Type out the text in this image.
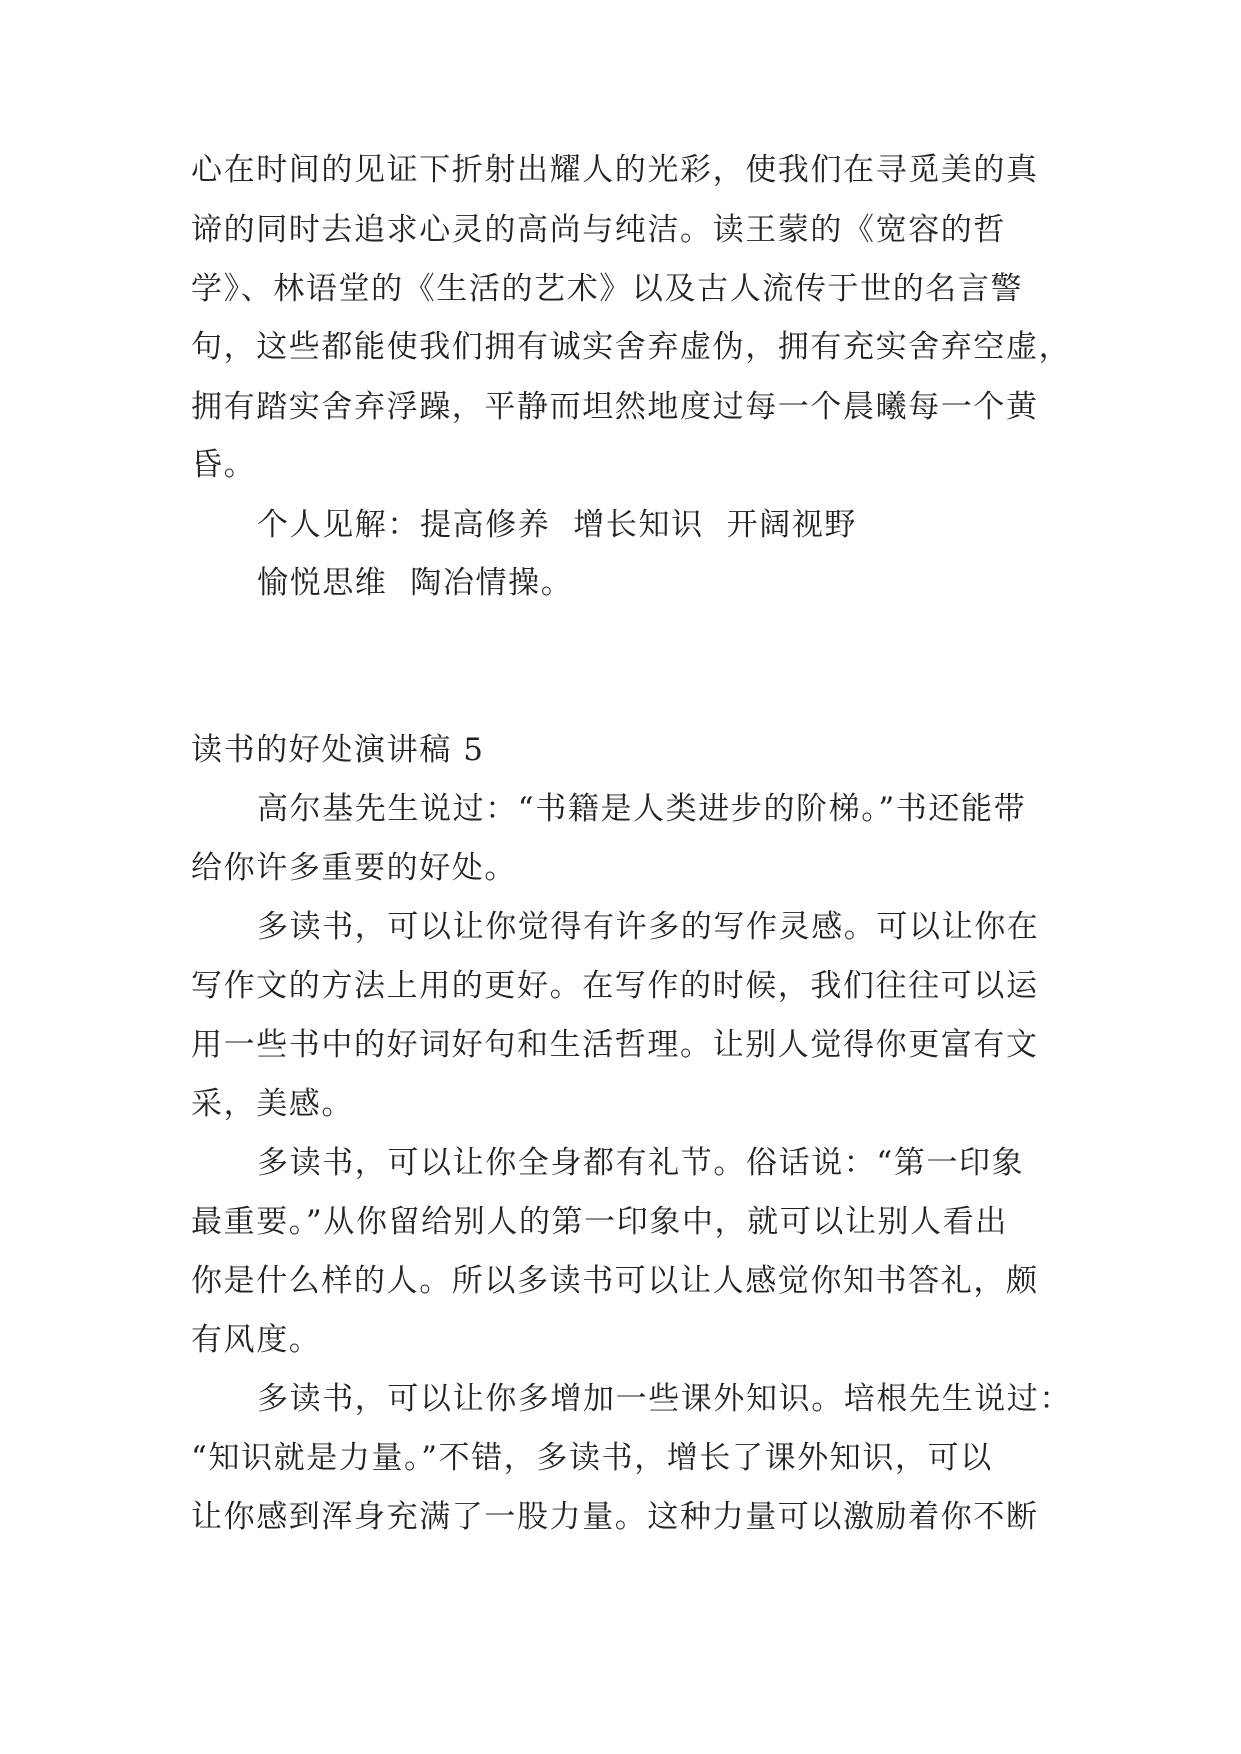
心在时间的见证下折射出耀人的光彩，使我们在寻觅美的真
谛的同时去追求心灵的高尚与纯洁。读王蒙的《宽容的哲
学》、林语堂的《生活的艺术》以及古人流传于世的名言警
句，这些都能使我们拥有诚实舍弃虚伪，拥有充实舍弃空虚，
拥有踏实舍弃浮躁，平静而坦然地度过每一个晨曦每一个黄
昏。
个人见解：提高修养  增长知识  开阔视野
愉悦思维  陶冶情操。
读书的好处演讲稿 5
高尔基先生说过：“书籍是人类进步的阶梯。”书还能带
给你许多重要的好处。
多读书，可以让你觉得有许多的写作灵感。可以让你在
写作文的方法上用的更好。在写作的时候，我们往往可以运
用一些书中的好词好句和生活哲理。让别人觉得你更富有文
采，美感。
多读书，可以让你全身都有礼节。俗话说：“第一印象
最重要。”从你留给别人的第一印象中，就可以让别人看出
你是什么样的人。所以多读书可以让人感觉你知书答礼，颇
有风度。
多读书，可以让你多增加一些课外知识。培根先生说过：
“知识就是力量。”不错，多读书，增长了课外知识，可以
让你感到浑身充满了一股力量。这种力量可以激励着你不断
